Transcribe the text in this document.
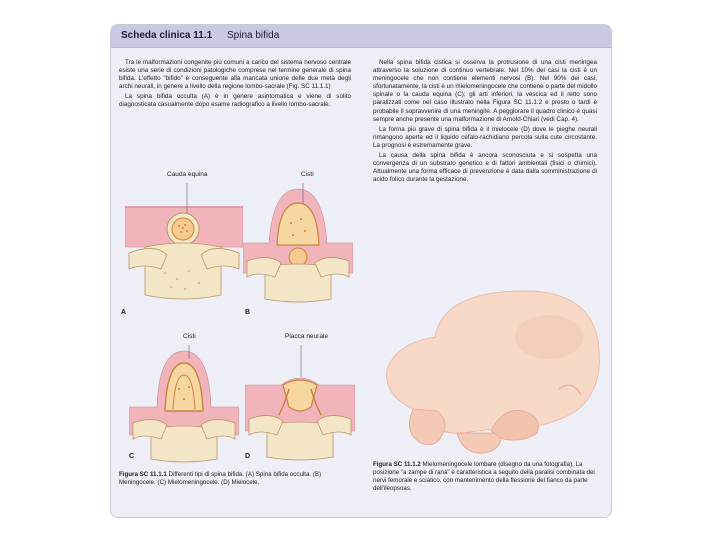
Scheda clinica 11.1 Spina bifida

Tra le malformazioni congenite più comuni a carico del sistema nervoso centrale esiste una serie di condizioni patologiche comprese nel termine generale di spina bifida. L'effetto "bifido" è conseguente alla mancata unione delle due metà degli archi neurali, in genere a livello della regione lombo-sacrale (Fig. SC 11.1.1)

La spina bifida occulta (A) è in genere asintomatica e viene di solito diagnosticata casualmente dopo esame radiografico a livello lombo-sacrale.

Nella spina bifida cistica si osserva la protrusione di una cisti meningea attraverso la soluzione di continuo vertebrale. Nel 10% dei casi la cisti è un meningocele che non contiene elementi nervosi (B). Nel 90% dei casi, sfortunatamente, la cisti è un mielomeningocele che contiene o parte del midollo spinale o la cauda equina (C); gli arti inferiori, la vescica ed il retto sono paralizzati come nel caso illustrato nella Figura SC 11.1.2 e presto o tardi è probabile il sopravvenire di una meningite. A peggiorare il quadro clinico è quasi sempre anche presente una malformazione di Arnold-Chiari (vedi Cap. 4).

La forma più grave di spina bifida è il mielocele (D) dove le pieghe neurali rimangono aperte ed il liquido cefalo-rachidiano percola sulla cute circostante. La prognosi è estremamente grave.

La causa della spina bifida è ancora sconosciuta e si sospetta una convergenza di un substrato genetico e di fattori ambientali (fisici o chimici). Attualmente una forma efficace di prevenzione è data dalla somministrazione di acido folico durante la gestazione.

Cauda equina	Cisti
A	B
Cisti	Placca neurale
C	D
Figura SC 11.1.1 Differenti tipi di spina bifida. (A) Spina bifida occulta. (B) Meningocele. (C) Mielomeningocele. (D) Mielocele.
Figura SC 11.1.2 Mielomeningocele lombare (disegno da una fotografia). La posizione "a zampe di rana" è caratteristica a seguito della paralisi combinata dei nervi femorale e sciatico, con mantenimento della flessione del fianco da parte dell'ileopsoas.
